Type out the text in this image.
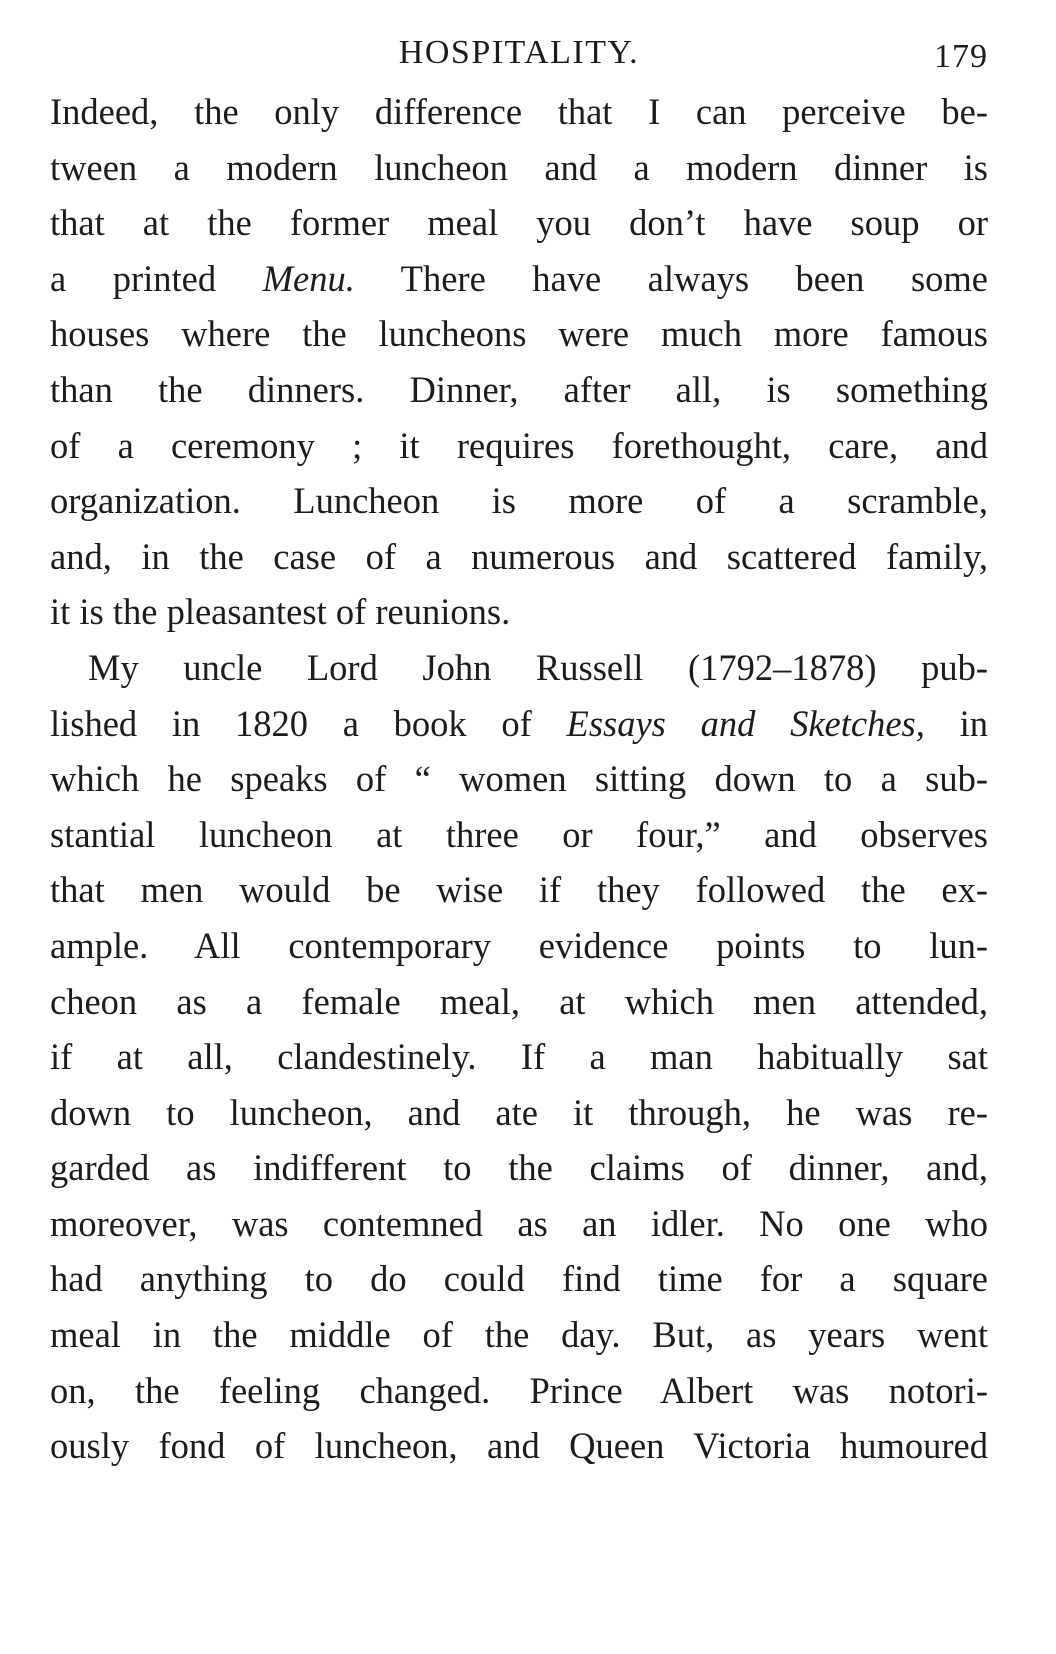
HOSPITALITY.	179
Indeed, the only difference that I can perceive be-
tween a modern luncheon and a modern dinner is
that at the former meal you don’t have soup or
a printed Menu. There have always been some
houses where the luncheons were much more famous
than the dinners. Dinner, after all, is something
of a ceremony ; it requires forethought, care, and
organization. Luncheon is more of a scramble,
and, in the case of a numerous and scattered family,
it is the pleasantest of reunions.
My uncle Lord John Russell (1792–1878) pub-
lished in 1820 a book of Essays and Sketches, in
which he speaks of “ women sitting down to a sub-
stantial luncheon at three or four,” and observes
that men would be wise if they followed the ex-
ample. All contemporary evidence points to lun-
cheon as a female meal, at which men attended,
if at all, clandestinely. If a man habitually sat
down to luncheon, and ate it through, he was re-
garded as indifferent to the claims of dinner, and,
moreover, was contemned as an idler. No one who
had anything to do could find time for a square
meal in the middle of the day. But, as years went
on, the feeling changed. Prince Albert was notori-
ously fond of luncheon, and Queen Victoria humoured
